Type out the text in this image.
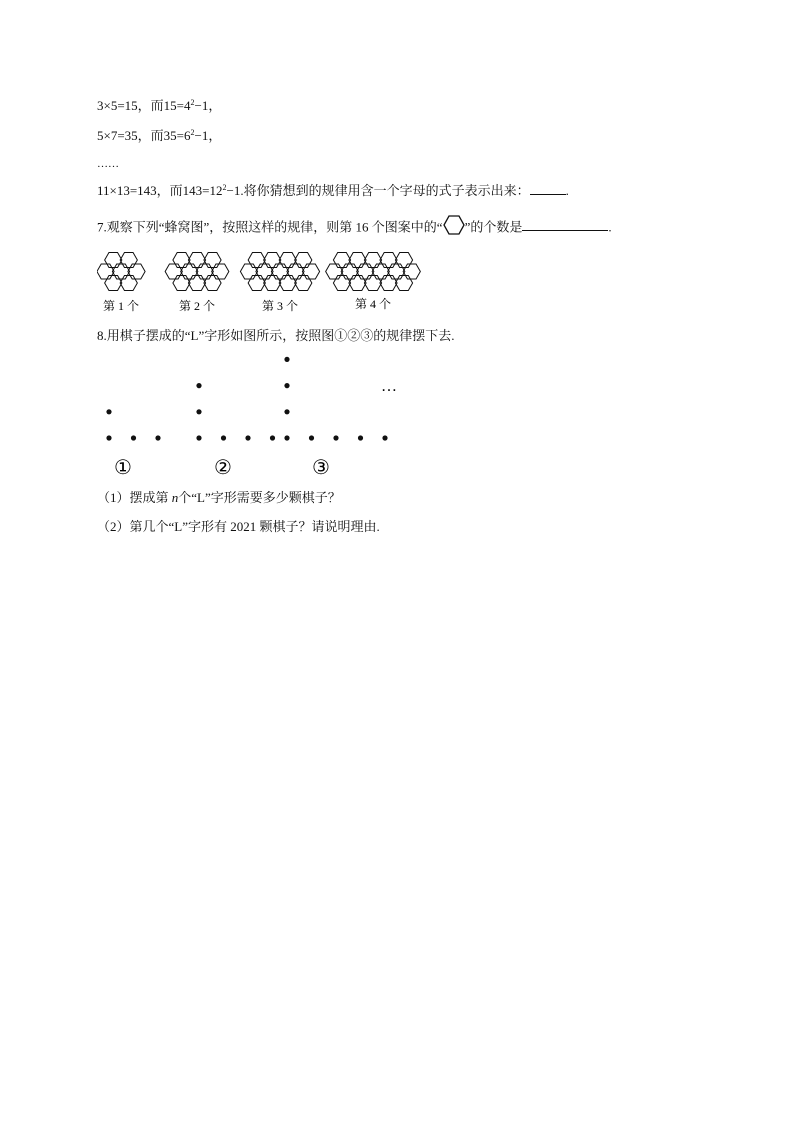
3×5=15，而$15=4^2-1$，
5×7=35，而$35=6^2-1$，
……
11×13=143，而$143=12^2-1$.将你猜想到的规律用含一个字母的式子表示出来：	.
7.观察下列“蜂窝图”，按照这样的规律，则第 16 个图案中的“ ”的个数是	.
第 1 个	第 2 个	第 3 个	第 4 个
8.用棋子摆成的“L”字形如图所示，按照图①②③的规律摆下去.
①	②	③
…
（1）摆成第 n个“L”字形需要多少颗棋子？
（2）第几个“L”字形有 2021 颗棋子？请说明理由.
